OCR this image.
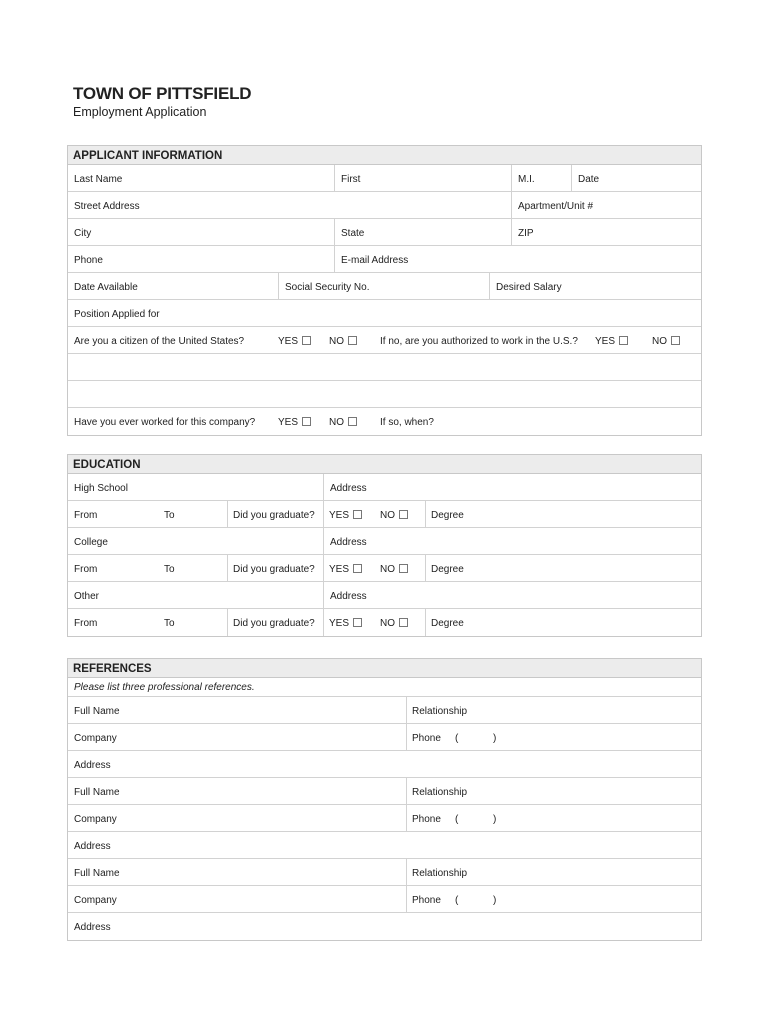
TOWN OF PITTSFIELD

Employment Application

APPLICANT INFORMATION
Last Name	First	M.I.	Date
Street Address	Apartment/Unit #
City	State	ZIP
Phone	E-mail Address
Date Available	Social Security No.	Desired Salary
Position Applied for
Are you a citizen of the United States?	YES	NO	If no, are you authorized to work in the U.S.? YES	NO
Have you ever worked for this company? YES	NO	If so, when?
EDUCATION
High School	Address
From	To	Did you graduate? YES	NO	Degree
College	Address
From	To	Did you graduate? YES	NO	Degree
Other	Address
From	To	Did you graduate? YES	NO	Degree
REFERENCES
Please list three professional references.
Full Name	Relationship
Company	Phone (	)
Address
Full Name	Relationship
Company	Phone (	)
Address
Full Name	Relationship
Company	Phone (	)
Address
